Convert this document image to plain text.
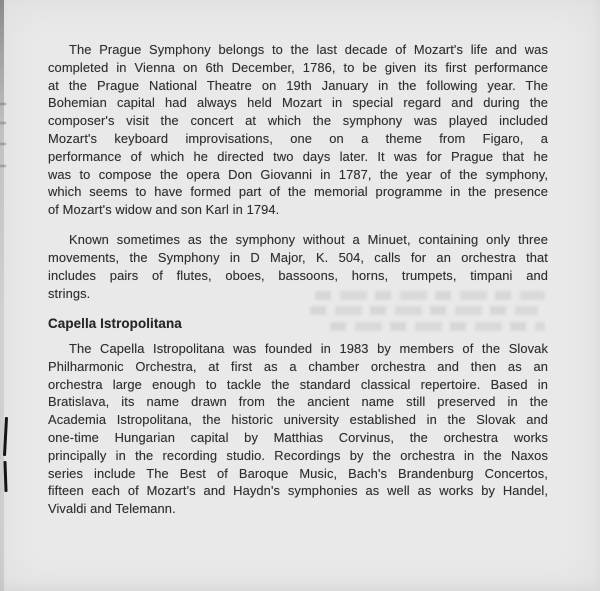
The Prague Symphony belongs to the last decade of Mozart's life and was
completed in Vienna on 6th December, 1786, to be given its first performance
at the Prague National Theatre on 19th January in the following year. The
Bohemian capital had always held Mozart in special regard and during the
composer's visit the concert at which the symphony was played included
Mozart's keyboard improvisations, one on a theme from Figaro, a
performance of which he directed two days later. It was for Prague that he
was to compose the opera Don Giovanni in 1787, the year of the symphony,
which seems to have formed part of the memorial programme in the presence
of Mozart's widow and son Karl in 1794.
Known sometimes as the symphony without a Minuet, containing only three
movements, the Symphony in D Major, K. 504, calls for an orchestra that
includes pairs of flutes, oboes, bassoons, horns, trumpets, timpani and
strings.
Capella Istropolitana
The Capella Istropolitana was founded in 1983 by members of the Slovak
Philharmonic Orchestra, at first as a chamber orchestra and then as an
orchestra large enough to tackle the standard classical repertoire. Based in
Bratislava, its name drawn from the ancient name still preserved in the
Academia Istropolitana, the historic university established in the Slovak and
one-time Hungarian capital by Matthias Corvinus, the orchestra works
principally in the recording studio. Recordings by the orchestra in the Naxos
series include The Best of Baroque Music, Bach's Brandenburg Concertos,
fifteen each of Mozart's and Haydn's symphonies as well as works by Handel,
Vivaldi and Telemann.
